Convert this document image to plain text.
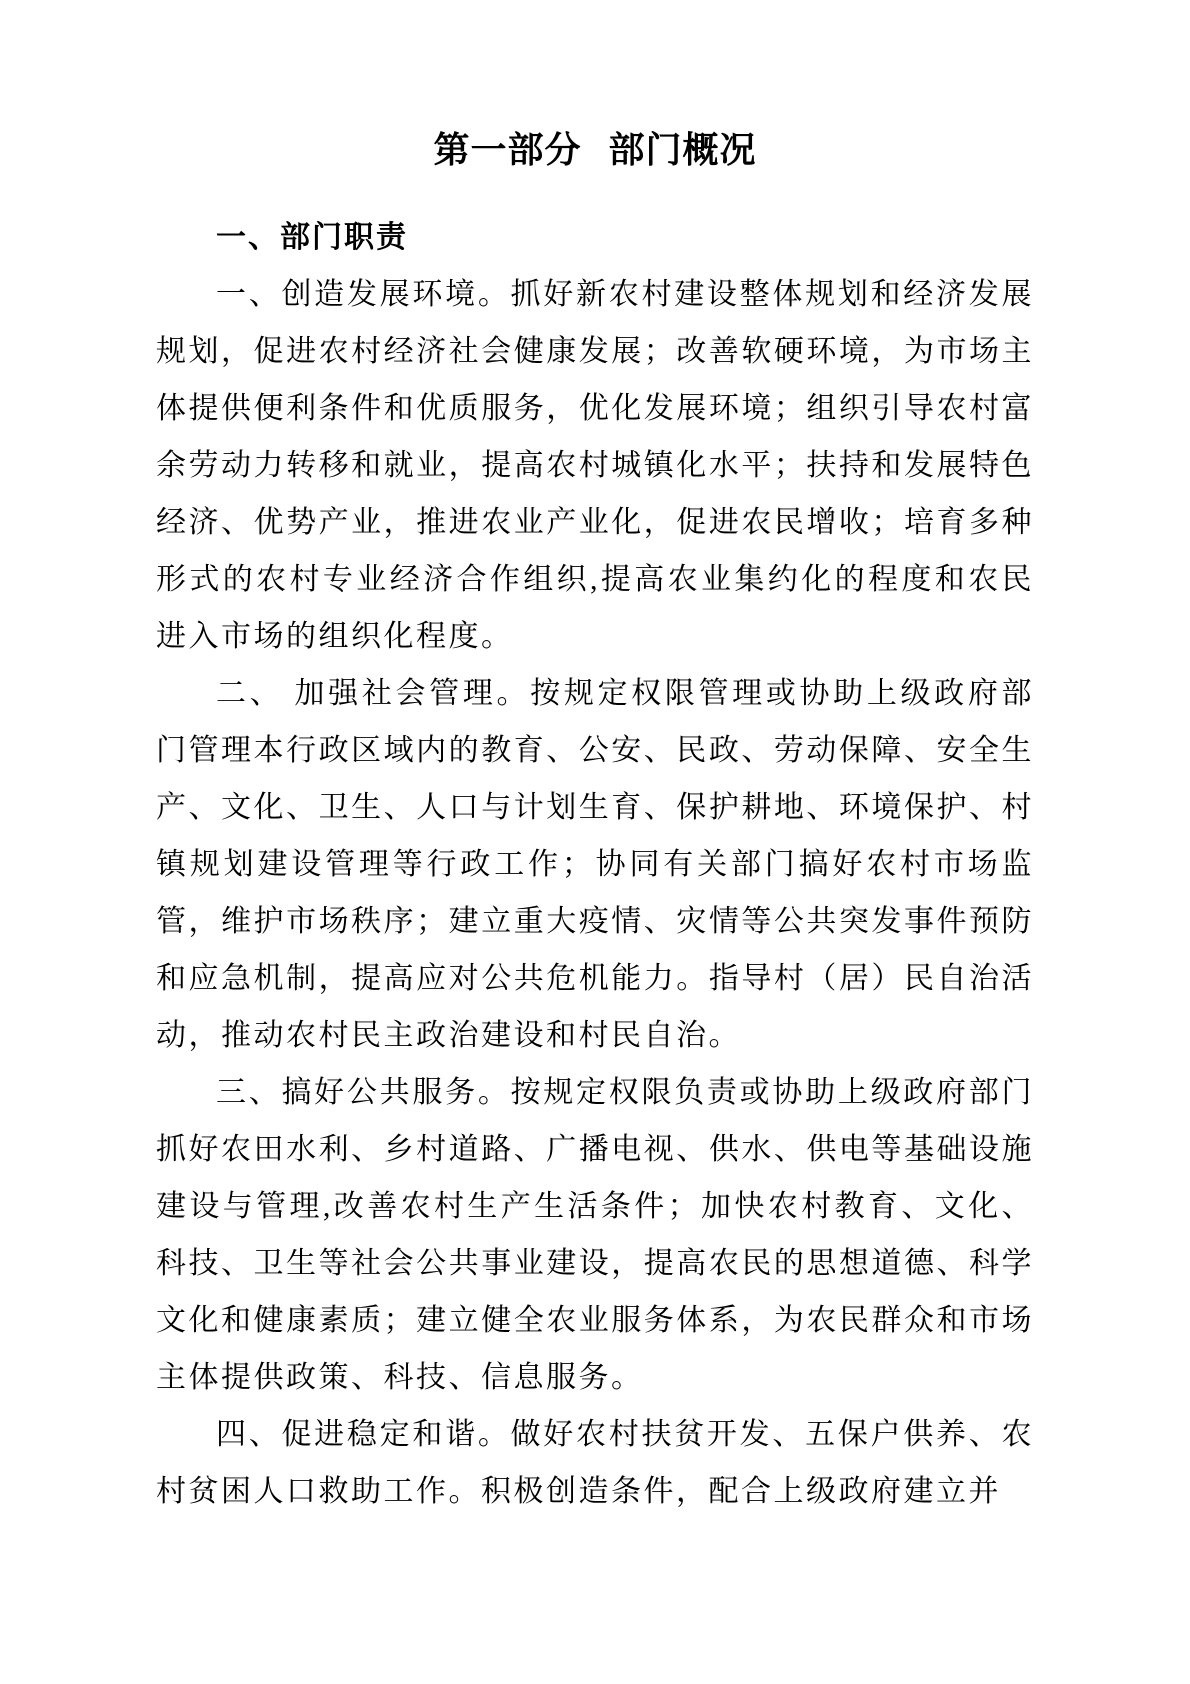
第一部分 部门概况
一、部门职责

一、创造发展环境。抓好新农村建设整体规划和经济发展规划，促进农村经济社会健康发展；改善软硬环境，为市场主体提供便利条件和优质服务，优化发展环境；组织引导农村富余劳动力转移和就业，提高农村城镇化水平；扶持和发展特色经济、优势产业，推进农业产业化，促进农民增收；培育多种形式的农村专业经济合作组织,提高农业集约化的程度和农民进入市场的组织化程度。

二、 加强社会管理。按规定权限管理或协助上级政府部门管理本行政区域内的教育、公安、民政、劳动保障、安全生产、文化、卫生、人口与计划生育、保护耕地、环境保护、村镇规划建设管理等行政工作；协同有关部门搞好农村市场监管，维护市场秩序；建立重大疫情、灾情等公共突发事件预防和应急机制，提高应对公共危机能力。指导村（居）民自治活动，推动农村民主政治建设和村民自治。

三、搞好公共服务。按规定权限负责或协助上级政府部门抓好农田水利、乡村道路、广播电视、供水、供电等基础设施建设与管理,改善农村生产生活条件；加快农村教育、文化、科技、卫生等社会公共事业建设，提高农民的思想道德、科学文化和健康素质；建立健全农业服务体系，为农民群众和市场主体提供政策、科技、信息服务。

四、促进稳定和谐。做好农村扶贫开发、五保户供养、农村贫困人口救助工作。积极创造条件，配合上级政府建立并
